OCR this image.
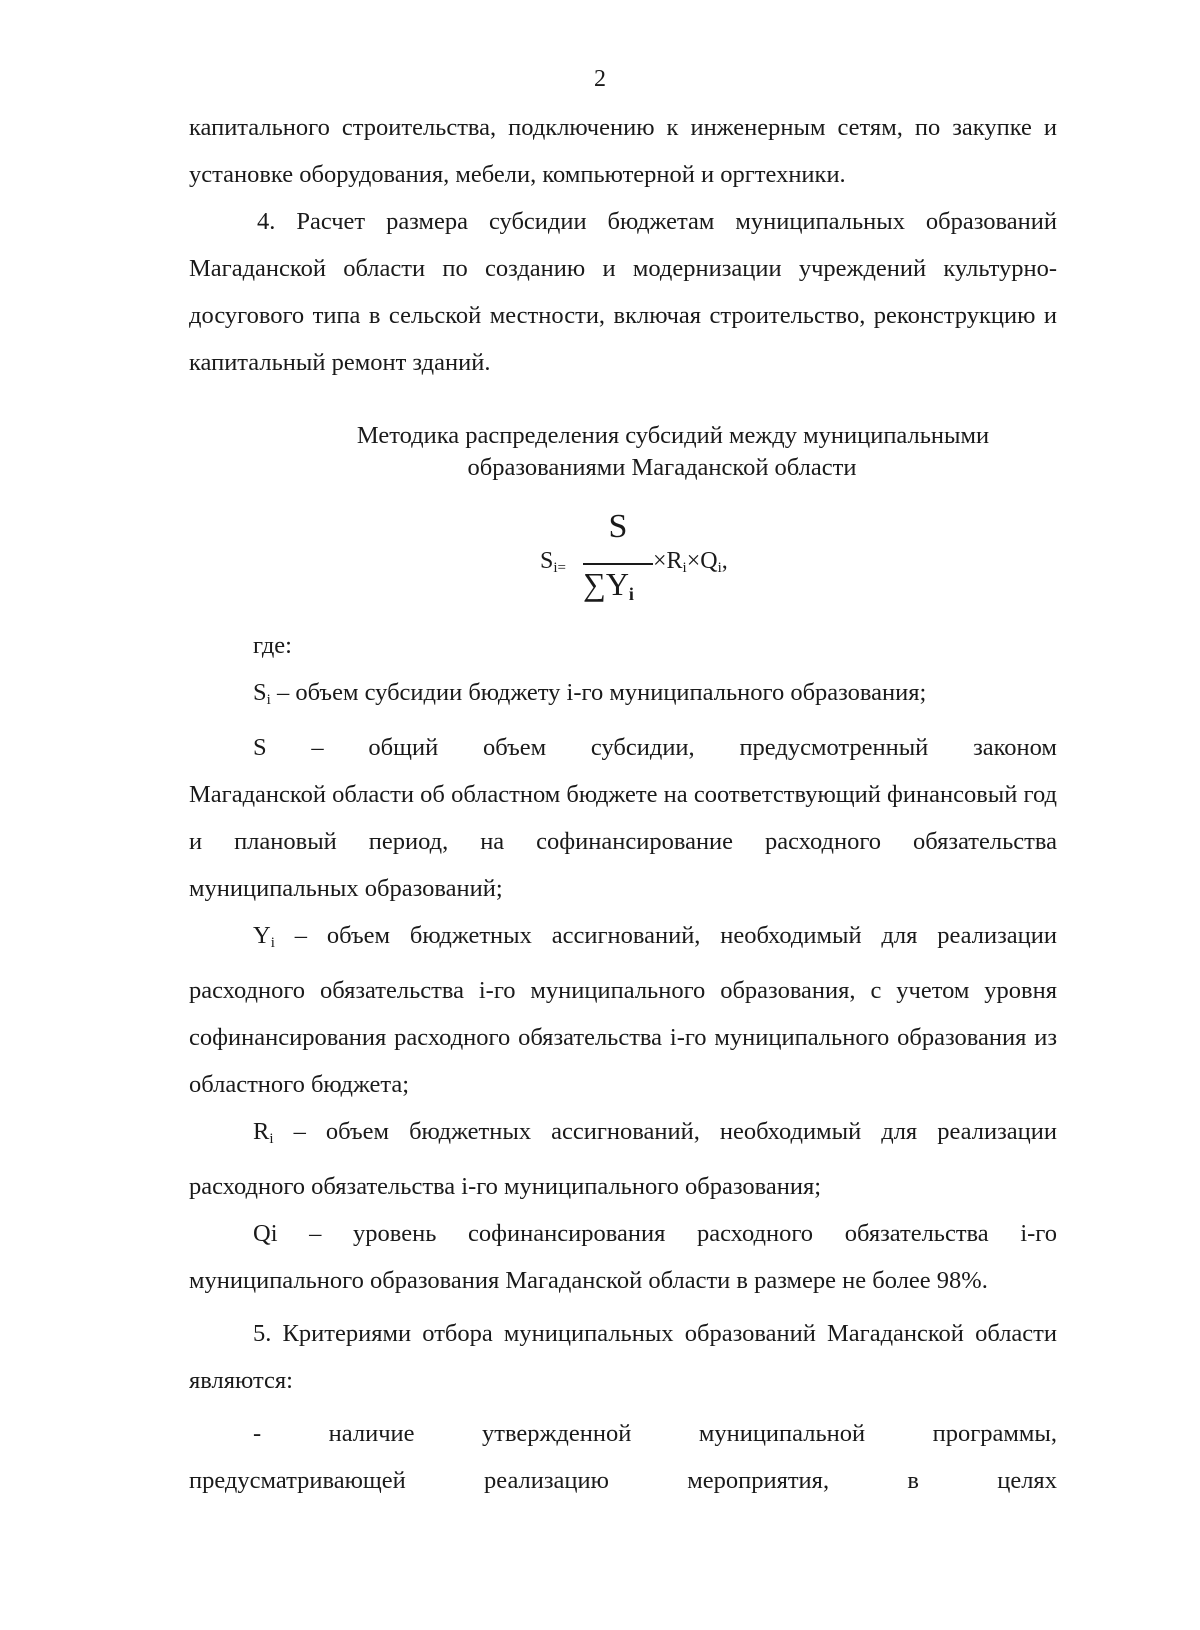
2

капитального строительства, подключению к инженерным сетям, по закупке и установке оборудования, мебели, компьютерной и оргтехники.

4. Расчет размера субсидии бюджетам муниципальных образований Магаданской области по созданию и модернизации учреждений культурно-досугового типа в сельской местности, включая строительство, реконструкцию и капитальный ремонт зданий.

Методика распределения субсидий между муниципальными
образованиями Магаданской области
$S_{i=}$
S
∑Yi
$\times R_i\times Q_i$,

где:

$S_i$ – объем субсидии бюджету i-го муниципального образования;

S – общий объем субсидии, предусмотренный законом

Магаданской области об областном бюджете на соответствующий финансовый год и плановый период, на софинансирование расходного обязательства муниципальных образований;

$Y_i$ – объем бюджетных ассигнований, необходимый для реализации расходного обязательства i-го муниципального образования, с учетом уровня софинансирования расходного обязательства i-го муниципального образования из областного бюджета;

$R_i$ – объем бюджетных ассигнований, необходимый для реализации расходного обязательства i-го муниципального образования;

Qi – уровень софинансирования расходного обязательства i-го муниципального образования Магаданской области в размере не более 98%.

5. Критериями отбора муниципальных образований Магаданской области являются:

-	наличие	утвержденной	муниципальной	программы,
предусматривающей	реализацию	мероприятия,	в	целях
